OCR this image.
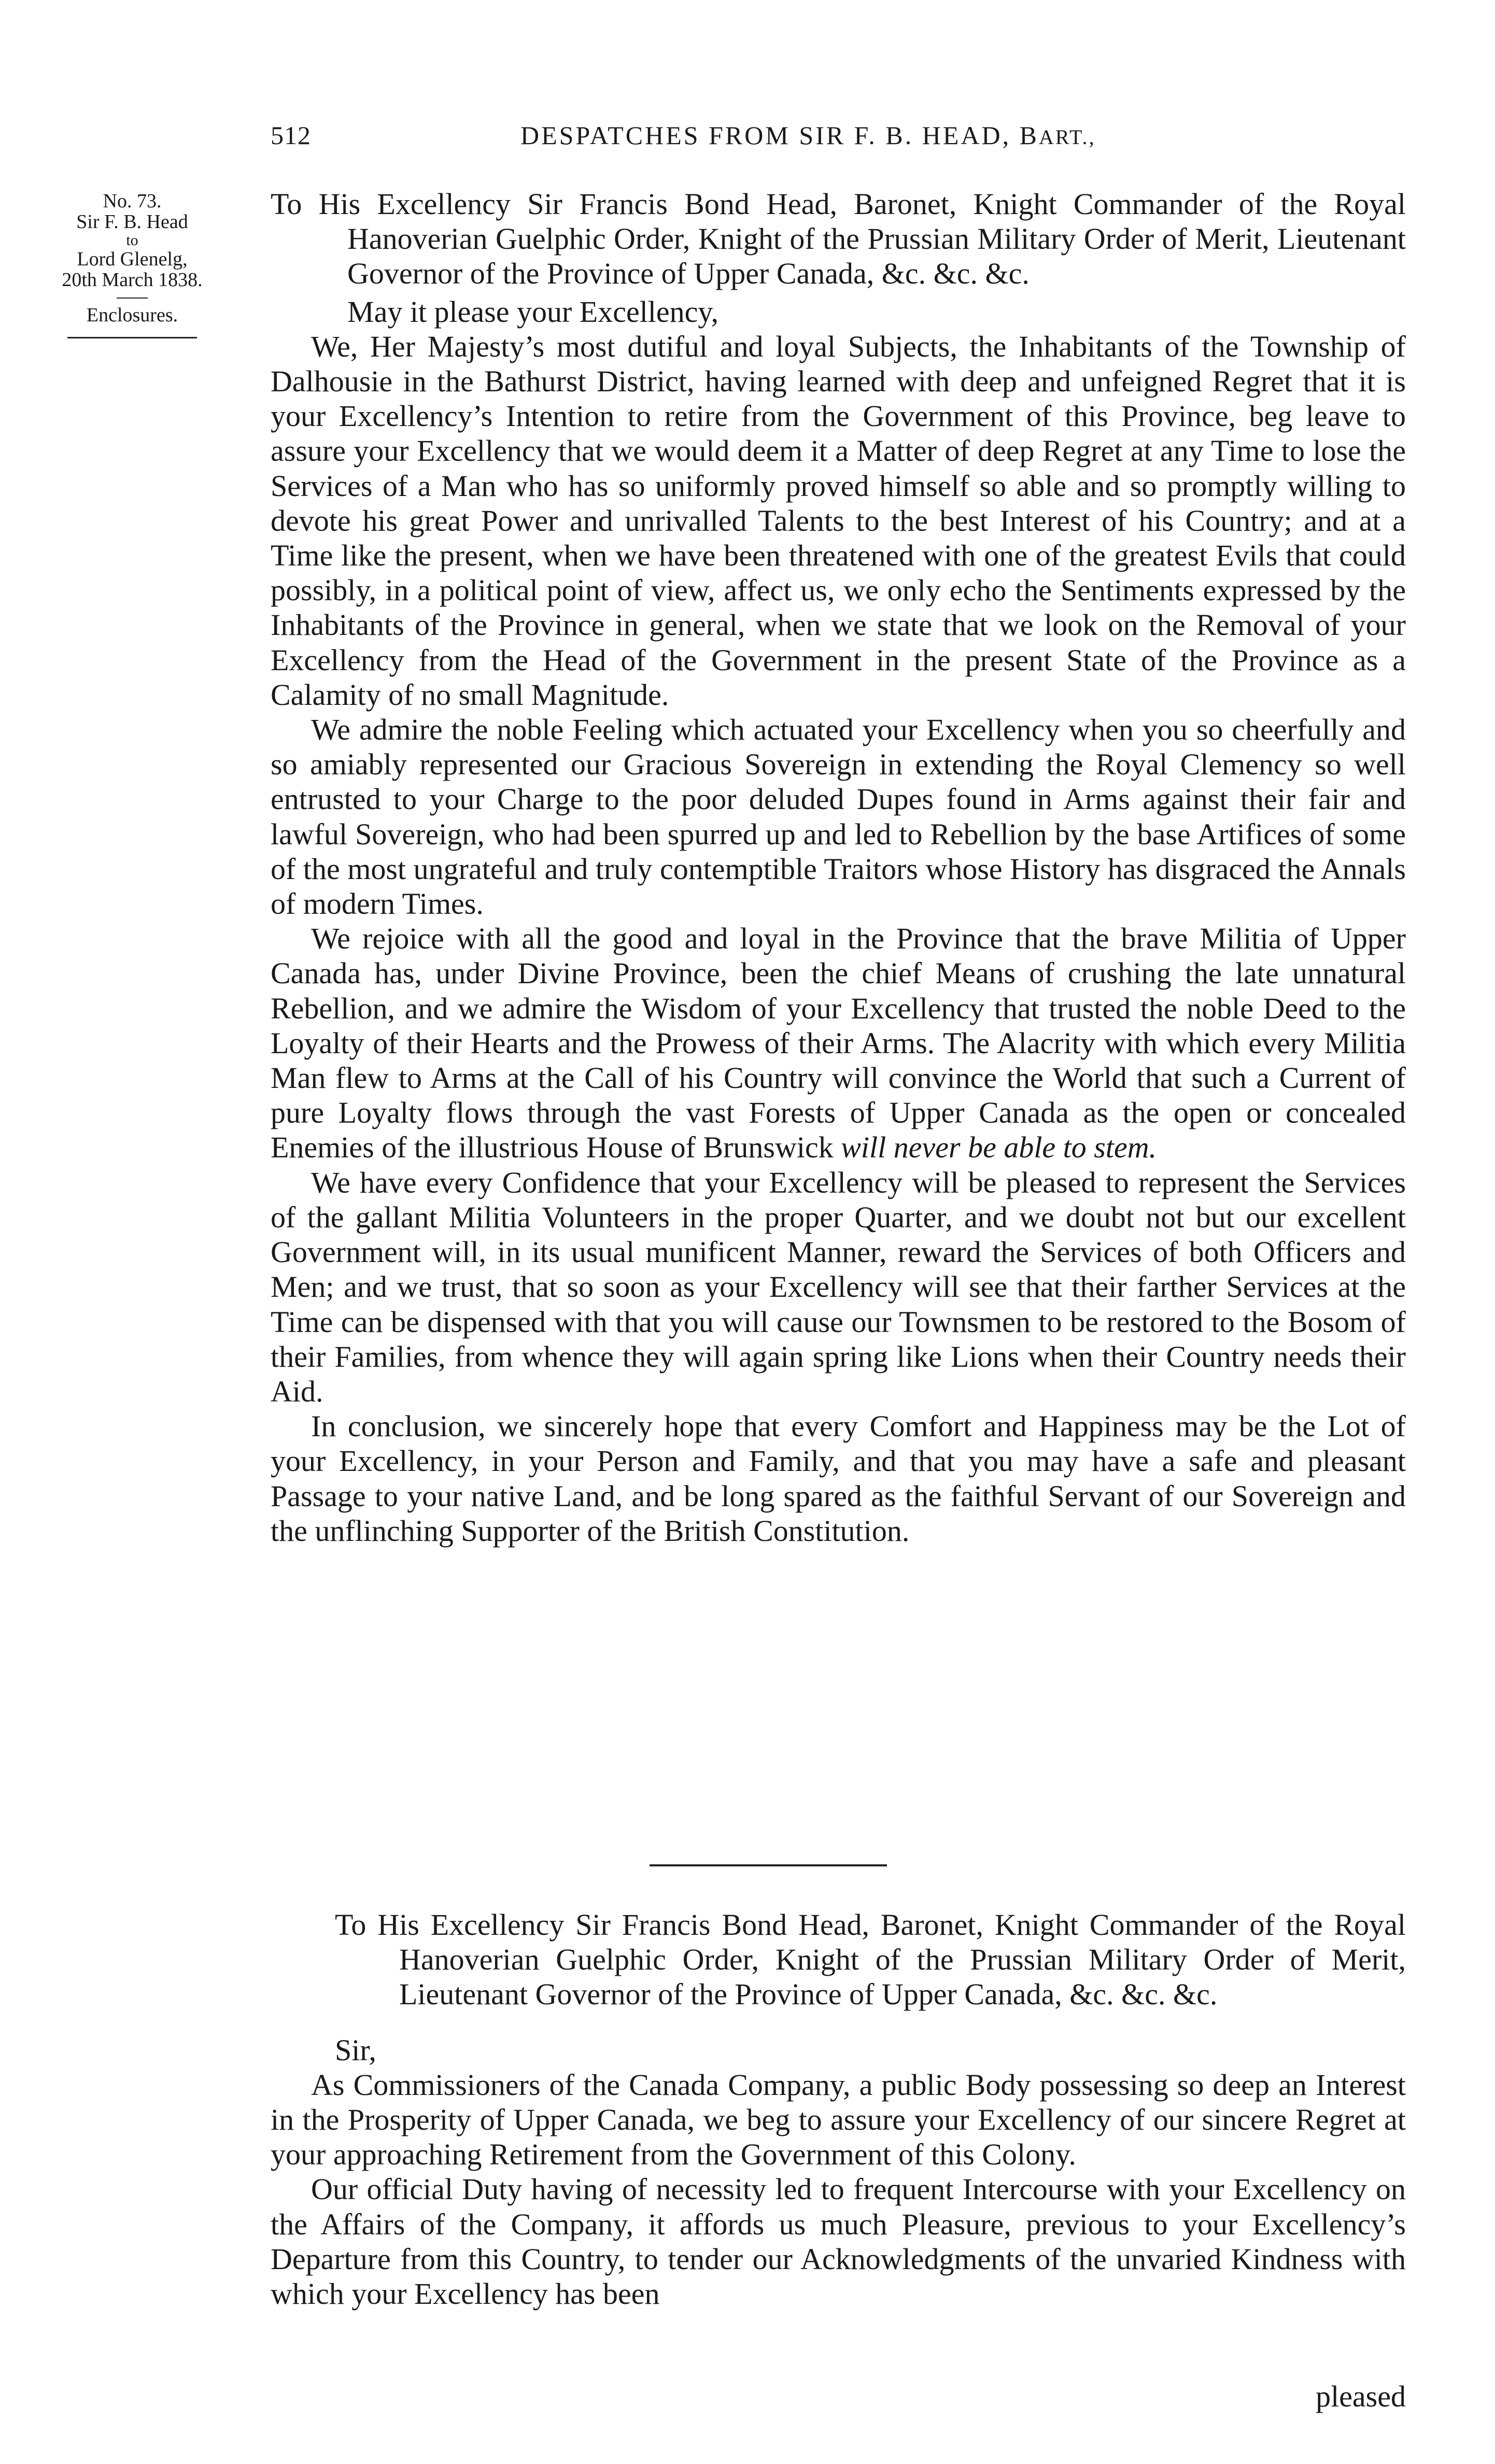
512	DESPATCHES FROM SIR F. B. HEAD, BART.,
No. 73.
Sir F. B. Head
to
Lord Glenelg,
20th March 1838.
Enclosures.

To His Excellency Sir Francis Bond Head, Baronet, Knight Commander of the Royal Hanoverian Guelphic Order, Knight of the Prussian Military Order of Merit, Lieutenant Governor of the Province of Upper Canada, &c. &c. &c.

May it please your Excellency,

We, Her Majesty’s most dutiful and loyal Subjects, the Inhabitants of the Township of Dalhousie in the Bathurst District, having learned with deep and unfeigned Regret that it is your Excellency’s Intention to retire from the Government of this Province, beg leave to assure your Excellency that we would deem it a Matter of deep Regret at any Time to lose the Services of a Man who has so uniformly proved himself so able and so promptly willing to devote his great Power and unrivalled Talents to the best Interest of his Country; and at a Time like the present, when we have been threatened with one of the greatest Evils that could possibly, in a political point of view, affect us, we only echo the Sentiments expressed by the Inhabitants of the Province in general, when we state that we look on the Removal of your Excellency from the Head of the Government in the present State of the Province as a Calamity of no small Magnitude.

We admire the noble Feeling which actuated your Excellency when you so cheerfully and so amiably represented our Gracious Sovereign in extending the Royal Clemency so well entrusted to your Charge to the poor deluded Dupes found in Arms against their fair and lawful Sovereign, who had been spurred up and led to Rebellion by the base Artifices of some of the most ungrateful and truly contemptible Traitors whose History has disgraced the Annals of modern Times.

We rejoice with all the good and loyal in the Province that the brave Militia of Upper Canada has, under Divine Province, been the chief Means of crushing the late unnatural Rebellion, and we admire the Wisdom of your Excellency that trusted the noble Deed to the Loyalty of their Hearts and the Prowess of their Arms. The Alacrity with which every Militia Man flew to Arms at the Call of his Country will convince the World that such a Current of pure Loyalty flows through the vast Forests of Upper Canada as the open or concealed Enemies of the illustrious House of Brunswick will never be able to stem.

We have every Confidence that your Excellency will be pleased to represent the Services of the gallant Militia Volunteers in the proper Quarter, and we doubt not but our excellent Government will, in its usual munificent Manner, reward the Services of both Officers and Men; and we trust, that so soon as your Excellency will see that their farther Services at the Time can be dispensed with that you will cause our Townsmen to be restored to the Bosom of their Families, from whence they will again spring like Lions when their Country needs their Aid.

In conclusion, we sincerely hope that every Comfort and Happiness may be the Lot of your Excellency, in your Person and Family, and that you may have a safe and pleasant Passage to your native Land, and be long spared as the faithful Servant of our Sovereign and the unflinching Supporter of the British Constitution.

To His Excellency Sir Francis Bond Head, Baronet, Knight Commander of the Royal Hanoverian Guelphic Order, Knight of the Prussian Military Order of Merit, Lieutenant Governor of the Province of Upper Canada, &c. &c. &c.

Sir,

As Commissioners of the Canada Company, a public Body possessing so deep an Interest in the Prosperity of Upper Canada, we beg to assure your Excellency of our sincere Regret at your approaching Retirement from the Government of this Colony.

Our official Duty having of necessity led to frequent Intercourse with your Excellency on the Affairs of the Company, it affords us much Pleasure, previous to your Excellency’s Departure from this Country, to tender our Acknowledgments of the unvaried Kindness with which your Excellency has been

pleased
